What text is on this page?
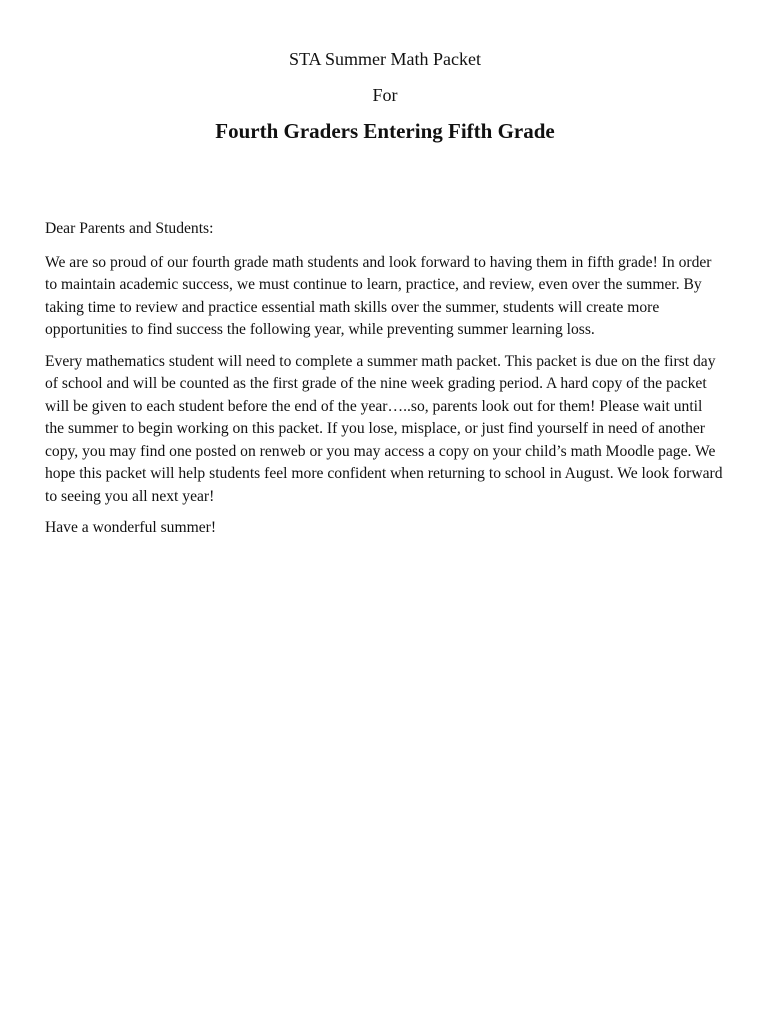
STA Summer Math Packet

For

Fourth Graders Entering Fifth Grade

Dear Parents and Students:

We are so proud of our fourth grade math students and look forward to having them in fifth grade! In order to maintain academic success, we must continue to learn, practice, and review, even over the summer. By taking time to review and practice essential math skills over the summer, students will create more opportunities to find success the following year, while preventing summer learning loss.

Every mathematics student will need to complete a summer math packet. This packet is due on the first day of school and will be counted as the first grade of the nine week grading period. A hard copy of the packet will be given to each student before the end of the year…..so, parents look out for them! Please wait until the summer to begin working on this packet. If you lose, misplace, or just find yourself in need of another copy, you may find one posted on renweb or you may access a copy on your child’s math Moodle page. We hope this packet will help students feel more confident when returning to school in August. We look forward to seeing you all next year!

Have a wonderful summer!
